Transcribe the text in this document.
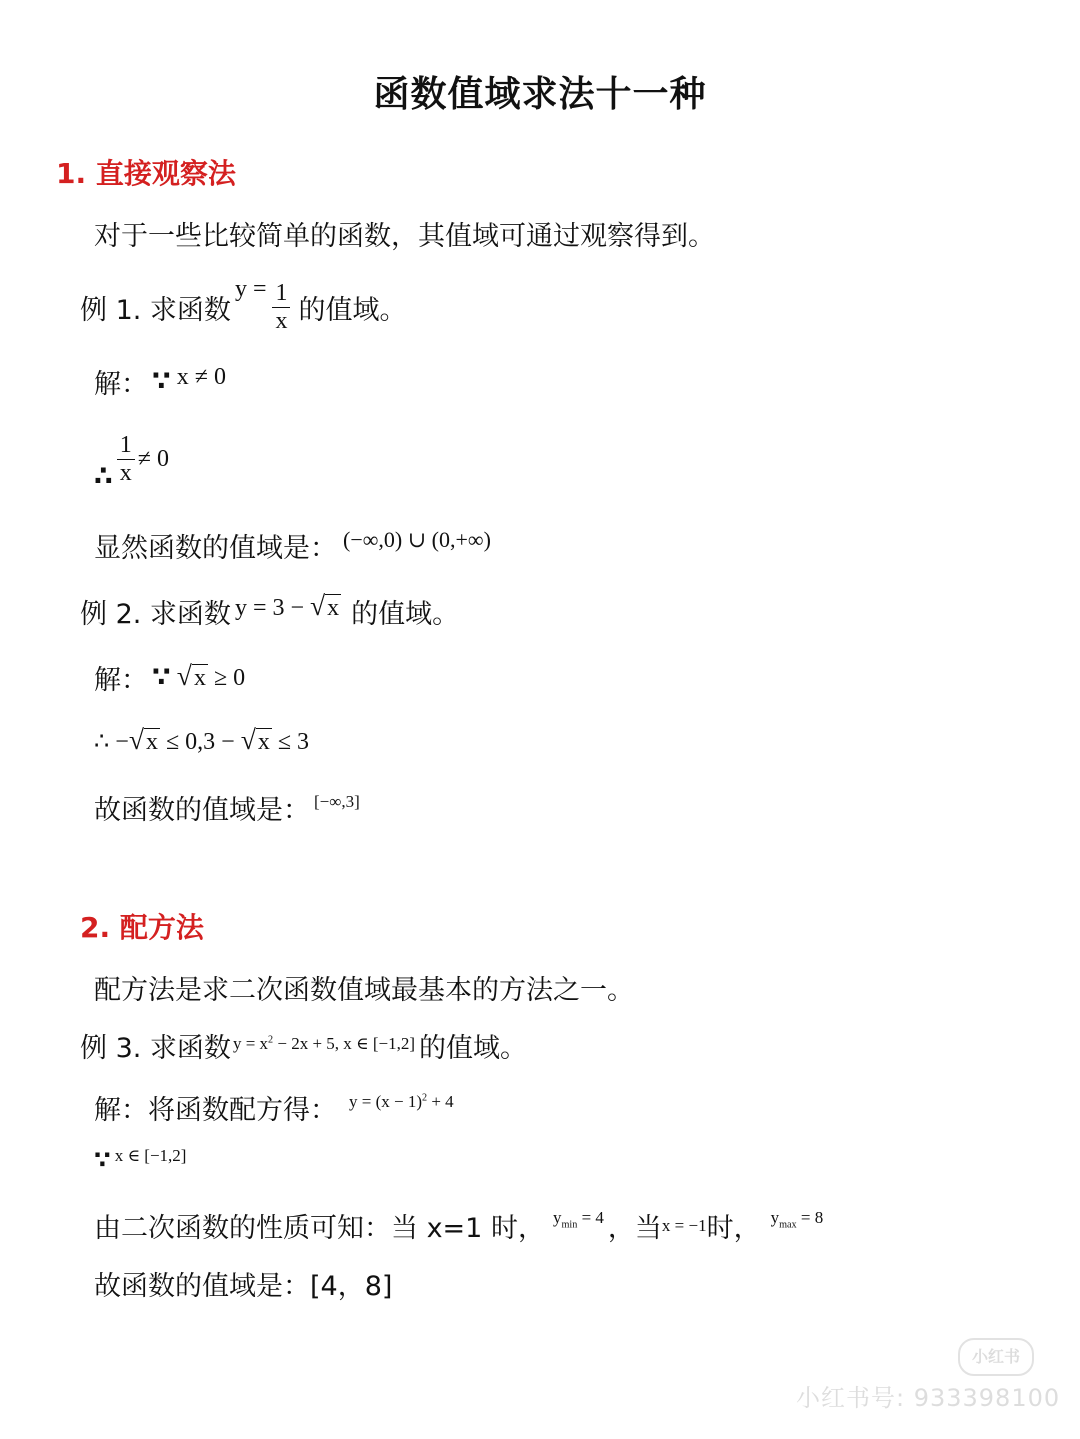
函数值域求法十一种
1. 直接观察法
对于一些比较简单的函数，其值域可通过观察得到。
例 1. 求函数
$y = \frac{1}{x}$ 的值域。
解： ∵ x ≠ 0
∴ $\frac{1}{x} \ne 0$
显然函数的值域是： (−∞,0) ∪ (0,+∞)
例 2. 求函数 y = 3 − √x 的值域。
解： ∵ √x ≥ 0
∴ −√x ≤ 0,3 − √x ≤ 3
故函数的值域是： [−∞,3]
2. 配方法
配方法是求二次函数值域最基本的方法之一。
例 3. 求函数 $y = x^2 - 2x + 5$, x ∈ [−1,2] 的值域。
解：将函数配方得： $y = (x - 1)^2 + 4$
∵ x ∈ [−1,2]
由二次函数的性质可知：当 x=1 时， $y_{min} = 4$ ，当 x = −1 时， $y_{max} = 8$
故函数的值域是：[4，8]
小红书
小红书号: 933398100
